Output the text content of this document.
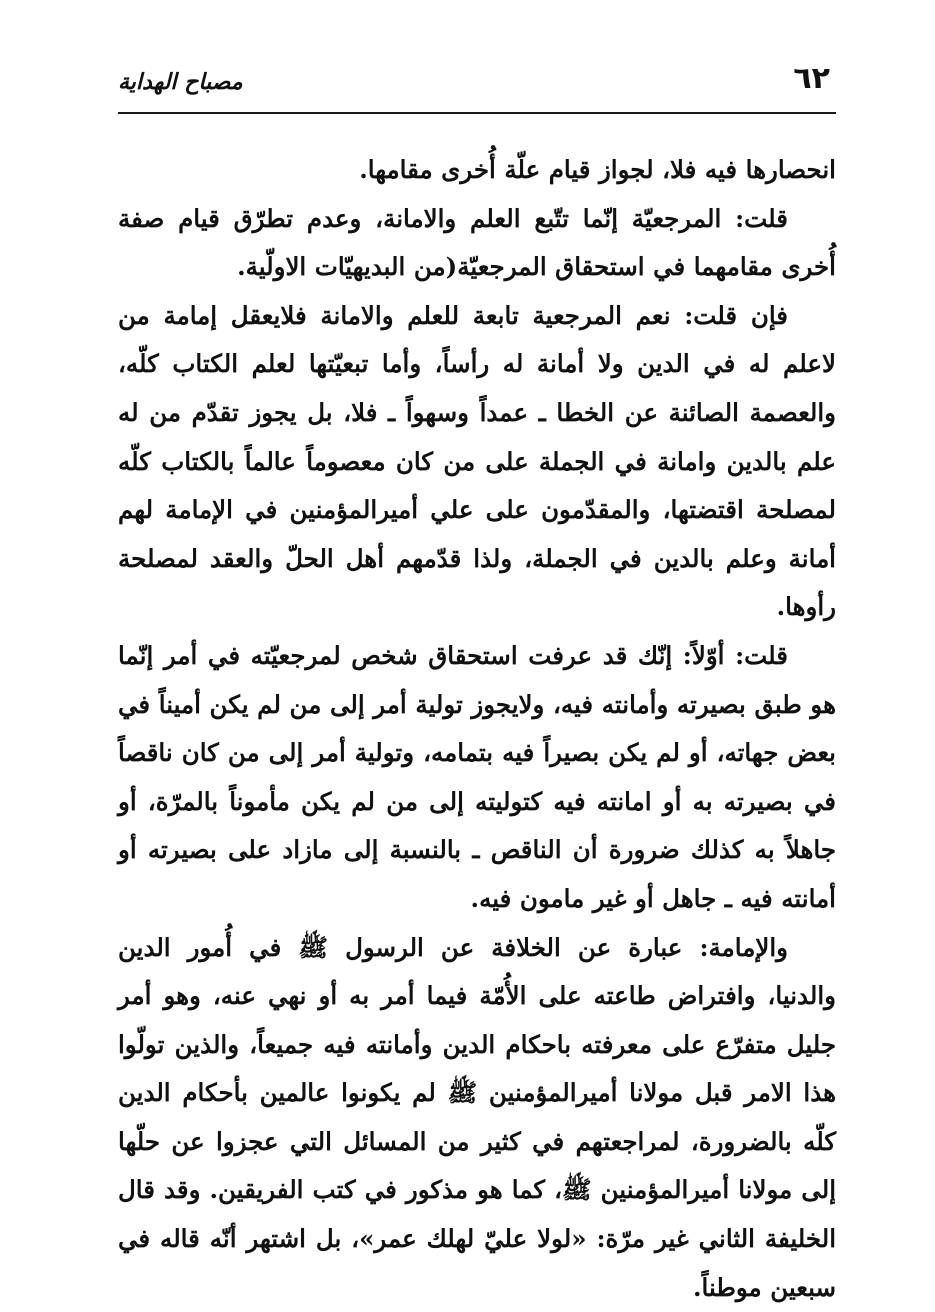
٦٢
مصباح الهداية

انحصارها فيه فلا، لجواز قيام علّة أُخرى مقامها.

قلت: المرجعيّة إنّما تتّبع العلم والامانة، وعدم تطرّق قيام صفة أُخرى مقامهما في استحقاق المرجعيّة(من البديهيّات الاولّية.

فإن قلت: نعم المرجعية تابعة للعلم والامانة فلايعقل إمامة من لاعلم له في الدين ولا أمانة له رأساً، وأما تبعيّتها لعلم الكتاب كلّه، والعصمة الصائنة عن الخطا ـ عمداً وسهواً ـ فلا، بل يجوز تقدّم من له علم بالدين وامانة في الجملة على من كان معصوماً عالماً بالكتاب كلّه لمصلحة اقتضتها، والمقدّمون على علي أميرالمؤمنين في الإمامة لهم أمانة وعلم بالدين في الجملة، ولذا قدّمهم أهل الحلّ والعقد لمصلحة رأوها.

قلت: أوّلاً: إنّك قد عرفت استحقاق شخص لمرجعيّته في أمر إنّما هو طبق بصيرته وأمانته فيه، ولايجوز تولية أمر إلى من لم يكن أميناً في بعض جهاته، أو لم يكن بصيراً فيه بتمامه، وتولية أمر إلى من كان ناقصاً في بصيرته به أو امانته فيه كتوليته إلى من لم يكن مأموناً بالمرّة، أو جاهلاً به كذلك ضرورة أن الناقص ـ بالنسبة إلى مازاد على بصيرته أو أمانته فيه ـ جاهل أو غير مامون فيه.

والإمامة: عبارة عن الخلافة عن الرسول ﷺ في أُمور الدين والدنيا، وافتراض طاعته على الأُمّة فيما أمر به أو نهي عنه، وهو أمر جليل متفرّع على معرفته باحكام الدين وأمانته فيه جميعاً، والذين تولّوا هذا الامر قبل مولانا أميرالمؤمنين ﷺ لم يكونوا عالمين بأحكام الدين كلّه بالضرورة، لمراجعتهم في كثير من المسائل التي عجزوا عن حلّها إلى مولانا أميرالمؤمنين ﷺ، كما هو مذكور في كتب الفريقين. وقد قال الخليفة الثاني غير مرّة: «لولا عليّ لهلك عمر»، بل اشتهر أنّه قاله في سبعين موطناً.
